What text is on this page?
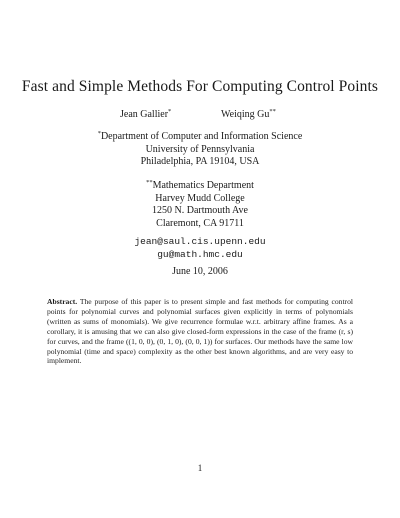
Fast and Simple Methods For Computing Control Points
Jean Gallier*	Weiqing Gu**
*Department of Computer and Information Science
University of Pennsylvania
Philadelphia, PA 19104, USA
**Mathematics Department
Harvey Mudd College
1250 N. Dartmouth Ave
Claremont, CA 91711
jean@saul.cis.upenn.edu
gu@math.hmc.edu
June 10, 2006
Abstract. The purpose of this paper is to present simple and fast methods for computing control points for polynomial curves and polynomial surfaces given explicitly in terms of polynomials (written as sums of monomials). We give recurrence formulae w.r.t. arbitrary affine frames. As a corollary, it is amusing that we can also give closed-form expressions in the case of the frame (r, s) for curves, and the frame ((1, 0, 0), (0, 1, 0), (0, 0, 1)) for surfaces. Our methods have the same low polynomial (time and space) complexity as the other best known algorithms, and are very easy to implement.
1
